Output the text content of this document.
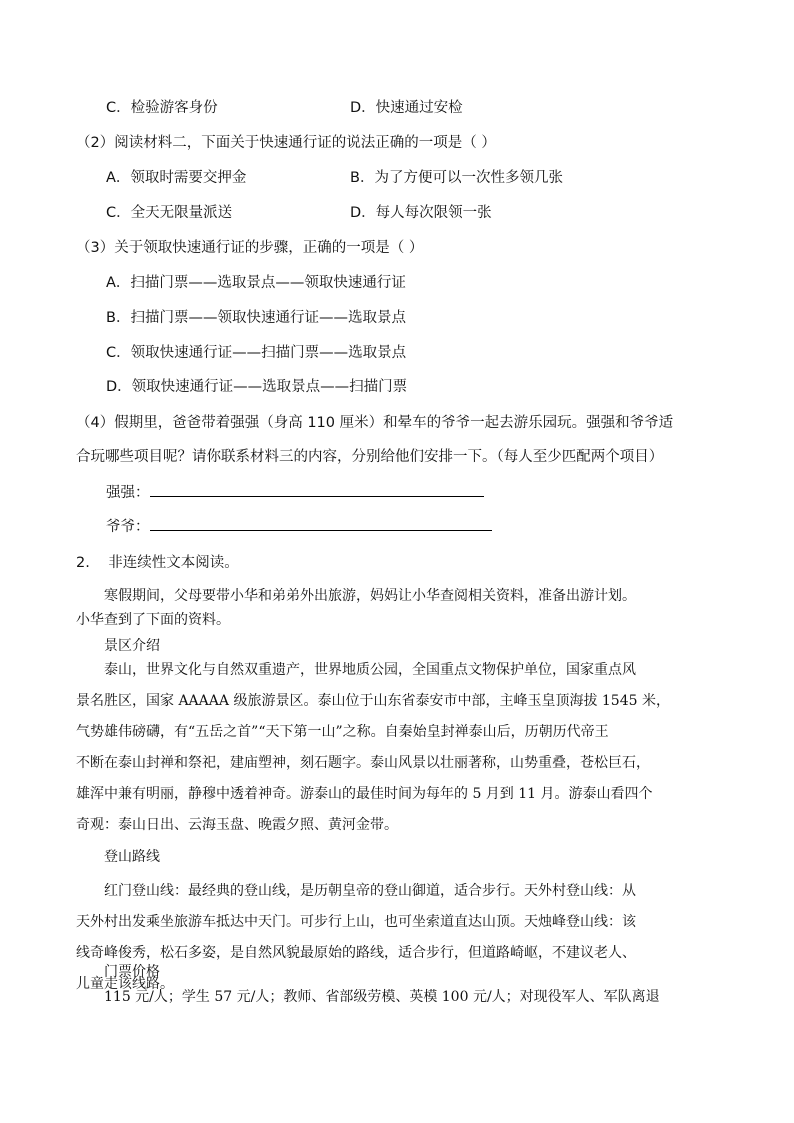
C．检验游客身份	D．快速通过安检
（2）阅读材料二，下面关于快速通行证的说法正确的一项是（ ）
A．领取时需要交押金	B．为了方便可以一次性多领几张
C．全天无限量派送	D．每人每次限领一张
（3）关于领取快速通行证的步骤，正确的一项是（ ）
A．扫描门票——选取景点——领取快速通行证
B．扫描门票——领取快速通行证——选取景点
C．领取快速通行证——扫描门票——选取景点
D．领取快速通行证——选取景点——扫描门票
（4）假期里，爸爸带着强强（身高 110 厘米）和晕车的爷爷一起去游乐园玩。强强和爷爷适
合玩哪些项目呢？请你联系材料三的内容，分别给他们安排一下。（每人至少匹配两个项目）
强强：
爷爷：
2.    非连续性文本阅读。
寒假期间，父母要带小华和弟弟外出旅游，妈妈让小华查阅相关资料，准备出游计划。
小华查到了下面的资料。
景区介绍
泰山，世界文化与自然双重遗产，世界地质公园，全国重点文物保护单位，国家重点风
景名胜区，国家 AAAAA 级旅游景区。泰山位于山东省泰安市中部，主峰玉皇顶海拔 1545 米，
气势雄伟磅礴，有“五岳之首”“天下第一山”之称。自秦始皇封禅泰山后，历朝历代帝王
不断在泰山封禅和祭祀，建庙塑神，刻石题字。泰山风景以壮丽著称，山势重叠，苍松巨石，
雄浑中兼有明丽，静穆中透着神奇。游泰山的最佳时间为每年的 5 月到 11 月。游泰山看四个
奇观：泰山日出、云海玉盘、晚霞夕照、黄河金带。
登山路线
红门登山线：最经典的登山线，是历朝皇帝的登山御道，适合步行。天外村登山线：从
天外村出发乘坐旅游车抵达中天门。可步行上山，也可坐索道直达山顶。天烛峰登山线：该
线奇峰俊秀，松石多姿，是自然风貌最原始的路线，适合步行，但道路崎岖，不建议老人、
儿童走该线路。
门票价格
115 元/人；学生 57 元/人；教师、省部级劳模、英模 100 元/人；对现役军人、军队离退
